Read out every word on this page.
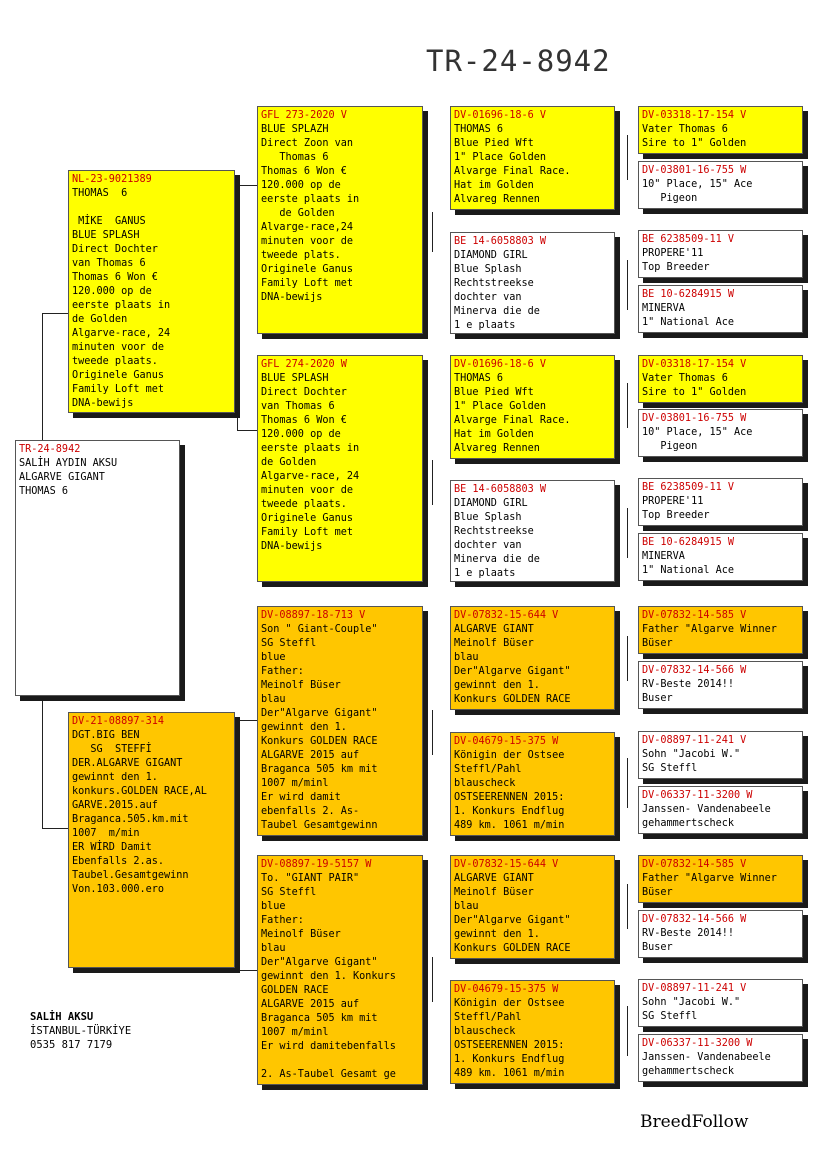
TR-24-8942
TR-24-8942
SALİH AYDIN AKSU
ALGARVE GIGANT
THOMAS 6
NL-23-9021389
THOMAS  6

MİKE  GANUS
BLUE SPLASH
Direct Dochter
van Thomas 6
Thomas 6 Won €
120.000 op de
eerste plaats in
de Golden
Algarve-race, 24
minuten voor de
tweede plaats.
Originele Ganus
Family Loft met
DNA-bewijs
DV-21-08897-314
DGT.BIG BEN
SG  STEFFİ
DER.ALGARVE GIGANT
gewinnt den 1.
konkurs.GOLDEN RACE,AL
GARVE.2015.auf
Braganca.505.km.mit
1007  m/min
ER WİRD Damit
Ebenfalls 2.as.
Taubel.Gesamtgewinn
Von.103.000.ero
GFL 273-2020 V
BLUE SPLAZH
Direct Zoon van
Thomas 6
Thomas 6 Won €
120.000 op de
eerste plaats in
de Golden
Alvarge-race,24
minuten voor de
tweede plats.
Originele Ganus
Family Loft met
DNA-bewijs
GFL 274-2020 W
BLUE SPLASH
Direct Dochter
van Thomas 6
Thomas 6 Won €
120.000 op de
eerste plaats in
de Golden
Algarve-race, 24
minuten voor de
tweede plaats.
Originele Ganus
Family Loft met
DNA-bewijs
DV-08897-18-713 V
Son " Giant-Couple"
SG Steffl
blue
Father:
Meinolf Büser
blau
Der"Algarve Gigant"
gewinnt den 1.
Konkurs GOLDEN RACE
ALGARVE 2015 auf
Braganca 505 km mit
1007 m/minl
Er wird damit
ebenfalls 2. As-
Taubel Gesamtgewinn
DV-08897-19-5157 W
To. "GIANT PAIR"
SG Steffl
blue
Father:
Meinolf Büser
blau
Der"Algarve Gigant"
gewinnt den 1. Konkurs
GOLDEN RACE
ALGARVE 2015 auf
Braganca 505 km mit
1007 m/minl
Er wird damitebenfalls

2. As-Taubel Gesamt ge
DV-01696-18-6 V
THOMAS 6
Blue Pied Wft
1" Place Golden
Alvarge Final Race.
Hat im Golden
Alvareg Rennen
BE 14-6058803 W
DIAMOND GIRL
Blue Splash
Rechtstreekse
dochter van
Minerva die de
1 e plaats
DV-01696-18-6 V
THOMAS 6
Blue Pied Wft
1" Place Golden
Alvarge Final Race.
Hat im Golden
Alvareg Rennen
BE 14-6058803 W
DIAMOND GIRL
Blue Splash
Rechtstreekse
dochter van
Minerva die de
1 e plaats
DV-07832-15-644 V
ALGARVE GIANT
Meinolf Büser
blau
Der"Algarve Gigant"
gewinnt den 1.
Konkurs GOLDEN RACE
DV-04679-15-375 W
Königin der Ostsee
Steffl/Pahl
blauscheck
OSTSEERENNEN 2015:
1. Konkurs Endflug
489 km. 1061 m/min
DV-07832-15-644 V
ALGARVE GIANT
Meinolf Büser
blau
Der"Algarve Gigant"
gewinnt den 1.
Konkurs GOLDEN RACE
DV-04679-15-375 W
Königin der Ostsee
Steffl/Pahl
blauscheck
OSTSEERENNEN 2015:
1. Konkurs Endflug
489 km. 1061 m/min
DV-03318-17-154 V
Vater Thomas 6
Sire to 1" Golden
DV-03801-16-755 W
10" Place, 15" Ace
Pigeon
BE 6238509-11 V
PROPERE'11
Top Breeder
BE 10-6284915 W
MINERVA
1" National Ace
DV-03318-17-154 V
Vater Thomas 6
Sire to 1" Golden
DV-03801-16-755 W
10" Place, 15" Ace
Pigeon
BE 6238509-11 V
PROPERE'11
Top Breeder
BE 10-6284915 W
MINERVA
1" National Ace
DV-07832-14-585 V
Father "Algarve Winner
Büser
DV-07832-14-566 W
RV-Beste 2014!!
Buser
DV-08897-11-241 V
Sohn "Jacobi W."
SG Steffl
DV-06337-11-3200 W
Janssen- Vandenabeele
gehammertscheck
DV-07832-14-585 V
Father "Algarve Winner
Büser
DV-07832-14-566 W
RV-Beste 2014!!
Buser
DV-08897-11-241 V
Sohn "Jacobi W."
SG Steffl
DV-06337-11-3200 W
Janssen- Vandenabeele
gehammertscheck
SALİH AKSU
İSTANBUL-TÜRKİYE
0535 817 7179
BreedFollow
